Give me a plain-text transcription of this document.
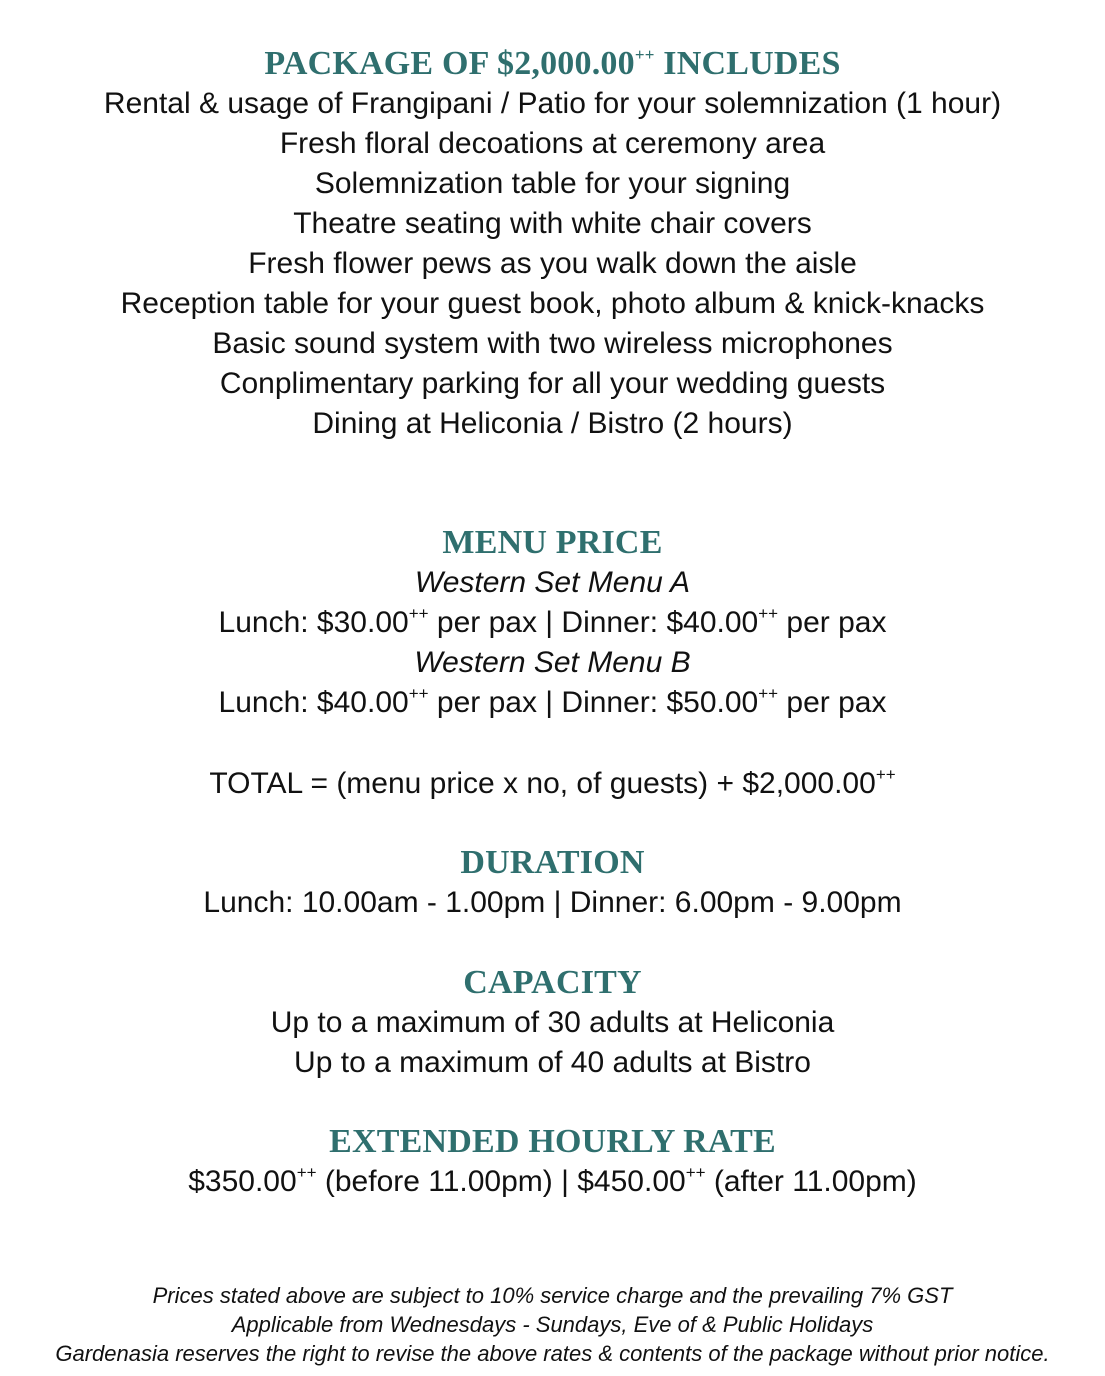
PACKAGE OF $2,000.00++ INCLUDES

Rental & usage of Frangipani / Patio for your solemnization (1 hour)

Fresh floral decoations at ceremony area

Solemnization table for your signing

Theatre seating with white chair covers

Fresh flower pews as you walk down the aisle

Reception table for your guest book, photo album & knick-knacks

Basic sound system with two wireless microphones

Conplimentary parking for all your wedding guests

Dining at Heliconia / Bistro (2 hours)

MENU PRICE

Western Set Menu A

Lunch: $30.00++ per pax | Dinner: $40.00++ per pax

Western Set Menu B

Lunch: $40.00++ per pax | Dinner: $50.00++ per pax

TOTAL = (menu price x no, of guests) + $2,000.00++

DURATION

Lunch: 10.00am - 1.00pm | Dinner: 6.00pm - 9.00pm

CAPACITY

Up to a maximum of 30 adults at Heliconia

Up to a maximum of 40 adults at Bistro

EXTENDED HOURLY RATE

$350.00++ (before 11.00pm) | $450.00++ (after 11.00pm)

Prices stated above are subject to 10% service charge and the prevailing 7% GST

Applicable from Wednesdays - Sundays, Eve of & Public Holidays

Gardenasia reserves the right to revise the above rates & contents of the package without prior notice.
